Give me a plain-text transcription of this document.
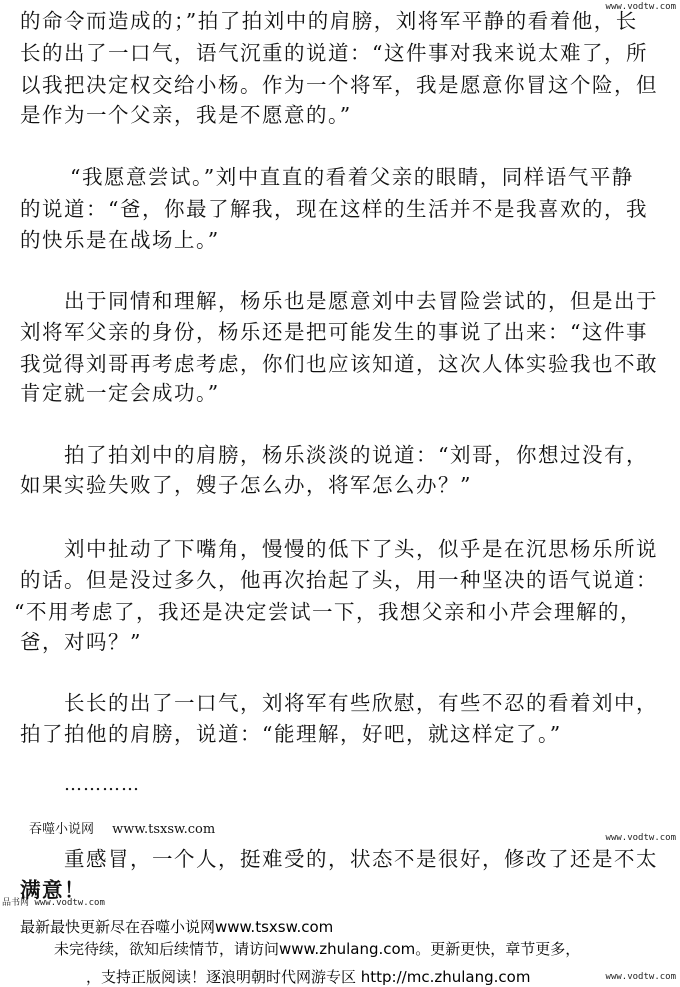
www.vodtw.com
www.vodtw.com
品书网 www.vodtw.com
www.vodtw.com
的命令而造成的；”拍了拍刘中的肩膀，刘将军平静的看着他，长
长的出了一口气，语气沉重的说道：“这件事对我来说太难了，所
以我把决定权交给小杨。作为一个将军，我是愿意你冒这个险，但
是作为一个父亲，我是不愿意的。”
“我愿意尝试。”刘中直直的看着父亲的眼睛，同样语气平静
的说道：“爸，你最了解我，现在这样的生活并不是我喜欢的，我
的快乐是在战场上。”
出于同情和理解，杨乐也是愿意刘中去冒险尝试的，但是出于
刘将军父亲的身份，杨乐还是把可能发生的事说了出来：“这件事
我觉得刘哥再考虑考虑，你们也应该知道，这次人体实验我也不敢
肯定就一定会成功。”
拍了拍刘中的肩膀，杨乐淡淡的说道：“刘哥，你想过没有，
如果实验失败了，嫂子怎么办，将军怎么办？”
刘中扯动了下嘴角，慢慢的低下了头，似乎是在沉思杨乐所说
的话。但是没过多久，他再次抬起了头，用一种坚决的语气说道：
“不用考虑了，我还是决定尝试一下，我想父亲和小芹会理解的，
爸，对吗？”
长长的出了一口气，刘将军有些欣慰，有些不忍的看着刘中，
拍了拍他的肩膀，说道：“能理解，好吧，就这样定了。”
…………
吞噬小说网 www.tsxsw.com
重感冒，一个人，挺难受的，状态不是很好，修改了还是不太
满意！
最新最快更新尽在吞噬小说网www.tsxsw.com
未完待续，欲知后续情节，请访问www.zhulang.com。更新更快，章节更多，
，支持正版阅读！逐浪明朝时代网游专区 http://mc.zhulang.com
